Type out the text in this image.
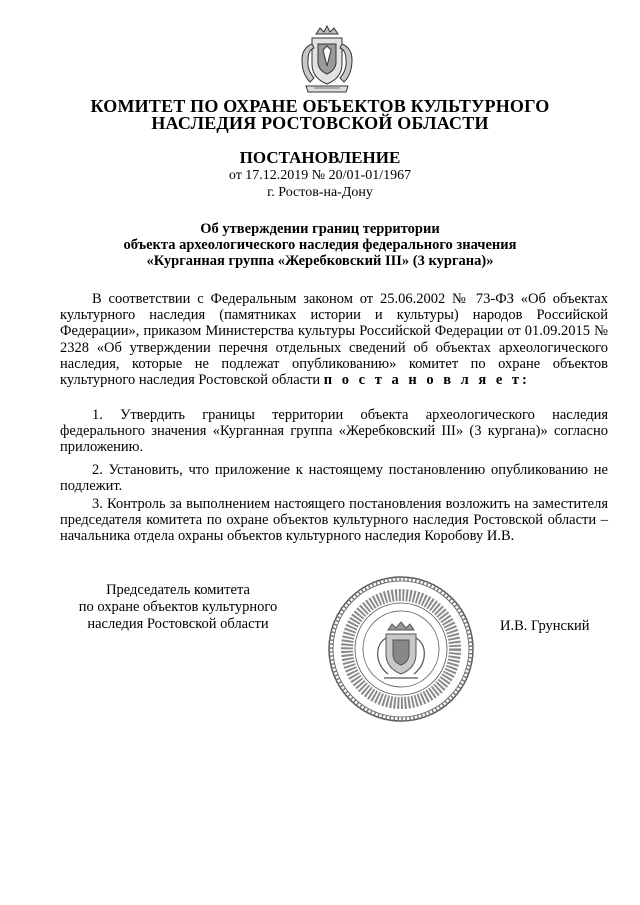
КОМИТЕТ ПО ОХРАНЕ ОБЪЕКТОВ КУЛЬТУРНОГО
НАСЛЕДИЯ РОСТОВСКОЙ ОБЛАСТИ
ПОСТАНОВЛЕНИЕ
от 17.12.2019 № 20/01-01/1967
г. Ростов-на-Дону
Об утверждении границ территории
объекта археологического наследия федерального значения
«Курганная группа «Жеребковский III» (3 кургана)»
В соответствии с Федеральным законом от 25.06.2002 № 73-ФЗ «Об объектах культурного наследия (памятниках истории и культуры) народов Российской Федерации», приказом Министерства культуры Российской Федерации от 01.09.2015 № 2328 «Об утверждении перечня отдельных сведений об объектах археологического наследия, которые не подлежат опубликованию» комитет по охране объектов культурного наследия Ростовской области п о с т а н о в л я е т:
1. Утвердить границы территории объекта археологического наследия федерального значения «Курганная группа «Жеребковский III» (3 кургана)» согласно приложению.
2. Установить, что приложение к настоящему постановлению опубликованию не подлежит.
3. Контроль за выполнением настоящего постановления возложить на заместителя председателя комитета по охране объектов культурного наследия Ростовской области – начальника отдела охраны объектов культурного наследия Коробову И.В.
Председатель комитета
по охране объектов культурного
наследия Ростовской области	И.В. Грунский
